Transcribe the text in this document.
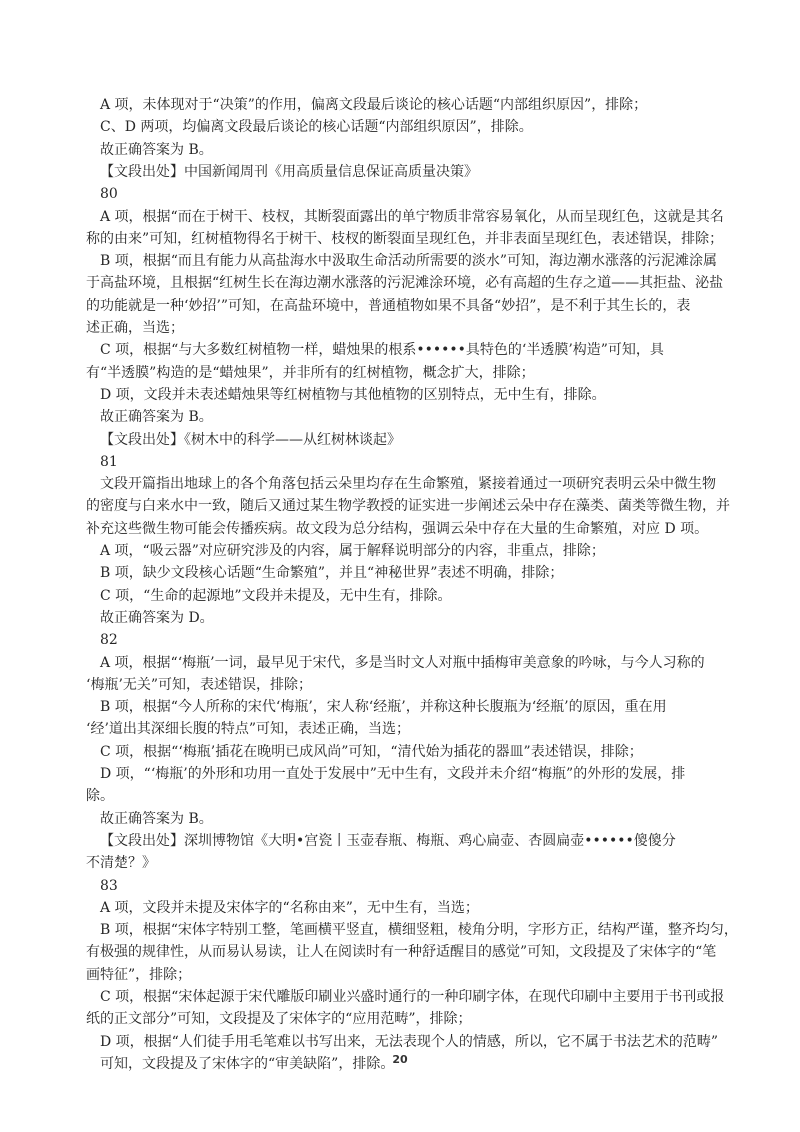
A 项，未体现对于“决策”的作用，偏离文段最后谈论的核心话题“内部组织原因”，排除；
C、D 两项，均偏离文段最后谈论的核心话题“内部组织原因”，排除。
故正确答案为 B。
【文段出处】中国新闻周刊《用高质量信息保证高质量决策》
80
A 项，根据“而在于树干、枝杈，其断裂面露出的单宁物质非常容易氧化，从而呈现红色，这就是其名
称的由来”可知，红树植物得名于树干、枝杈的断裂面呈现红色，并非表面呈现红色，表述错误，排除；
B 项，根据“而且有能力从高盐海水中汲取生命活动所需要的淡水”可知，海边潮水涨落的污泥滩涂属
于高盐环境，且根据“红树生长在海边潮水涨落的污泥滩涂环境，必有高超的生存之道——其拒盐、泌盐
的功能就是一种‘妙招’”可知，在高盐环境中，普通植物如果不具备“妙招”，是不利于其生长的，表
述正确，当选；
C 项，根据“与大多数红树植物一样，蜡烛果的根系••••••具特色的‘半透膜’构造”可知，具
有“半透膜”构造的是“蜡烛果”，并非所有的红树植物，概念扩大，排除；
D 项，文段并未表述蜡烛果等红树植物与其他植物的区别特点，无中生有，排除。
故正确答案为 B。
【文段出处】《树木中的科学——从红树林谈起》
81
文段开篇指出地球上的各个角落包括云朵里均存在生命繁殖，紧接着通过一项研究表明云朵中微生物
的密度与白来水中一致，随后又通过某生物学教授的证实进一步阐述云朵中存在藻类、菌类等微生物，并
补充这些微生物可能会传播疾病。故文段为总分结构，强调云朵中存在大量的生命繁殖，对应 D 项。
A 项，“吸云器”对应研究涉及的内容，属于解释说明部分的内容，非重点，排除；
B 项，缺少文段核心话题“生命繁殖”，并且“神秘世界”表述不明确，排除；
C 项，“生命的起源地”文段并未提及，无中生有，排除。
故正确答案为 D。
82
A 项，根据“‘梅瓶’一词，最早见于宋代，多是当时文人对瓶中插梅审美意象的吟咏，与今人习称的
‘梅瓶’无关”可知，表述错误，排除；
B 项，根据“今人所称的宋代‘梅瓶’，宋人称‘经瓶’，并称这种长腹瓶为‘经瓶’的原因，重在用
‘经’道出其深细长腹的特点”可知，表述正确，当选；
C 项，根据“‘梅瓶’插花在晚明已成风尚”可知，“清代始为插花的器皿”表述错误，排除；
D 项，“‘梅瓶’的外形和功用一直处于发展中”无中生有，文段并未介绍“梅瓶”的外形的发展，排
除。
故正确答案为 B。
【文段出处】深圳博物馆《大明•宫瓷丨玉壶春瓶、梅瓶、鸡心扁壶、杏圆扁壶••••••傻傻分
不清楚？》
83
A 项，文段并未提及宋体字的“名称由来”，无中生有，当选；
B 项，根据“宋体字特别工整，笔画横平竖直，横细竖粗，棱角分明，字形方正，结构严谨，整齐均匀，
有极强的规律性，从而易认易读，让人在阅读时有一种舒适醒目的感觉”可知，文段提及了宋体字的“笔
画特征”，排除；
C 项，根据“宋体起源于宋代雕版印刷业兴盛时通行的一种印刷字体，在现代印刷中主要用于书刊或报
纸的正文部分”可知，文段提及了宋体字的“应用范畴”，排除；
D 项，根据“人们徒手用毛笔难以书写出来，无法表现个人的情感，所以，它不属于书法艺术的范畴”
可知，文段提及了宋体字的“审美缺陷”，排除。
20
